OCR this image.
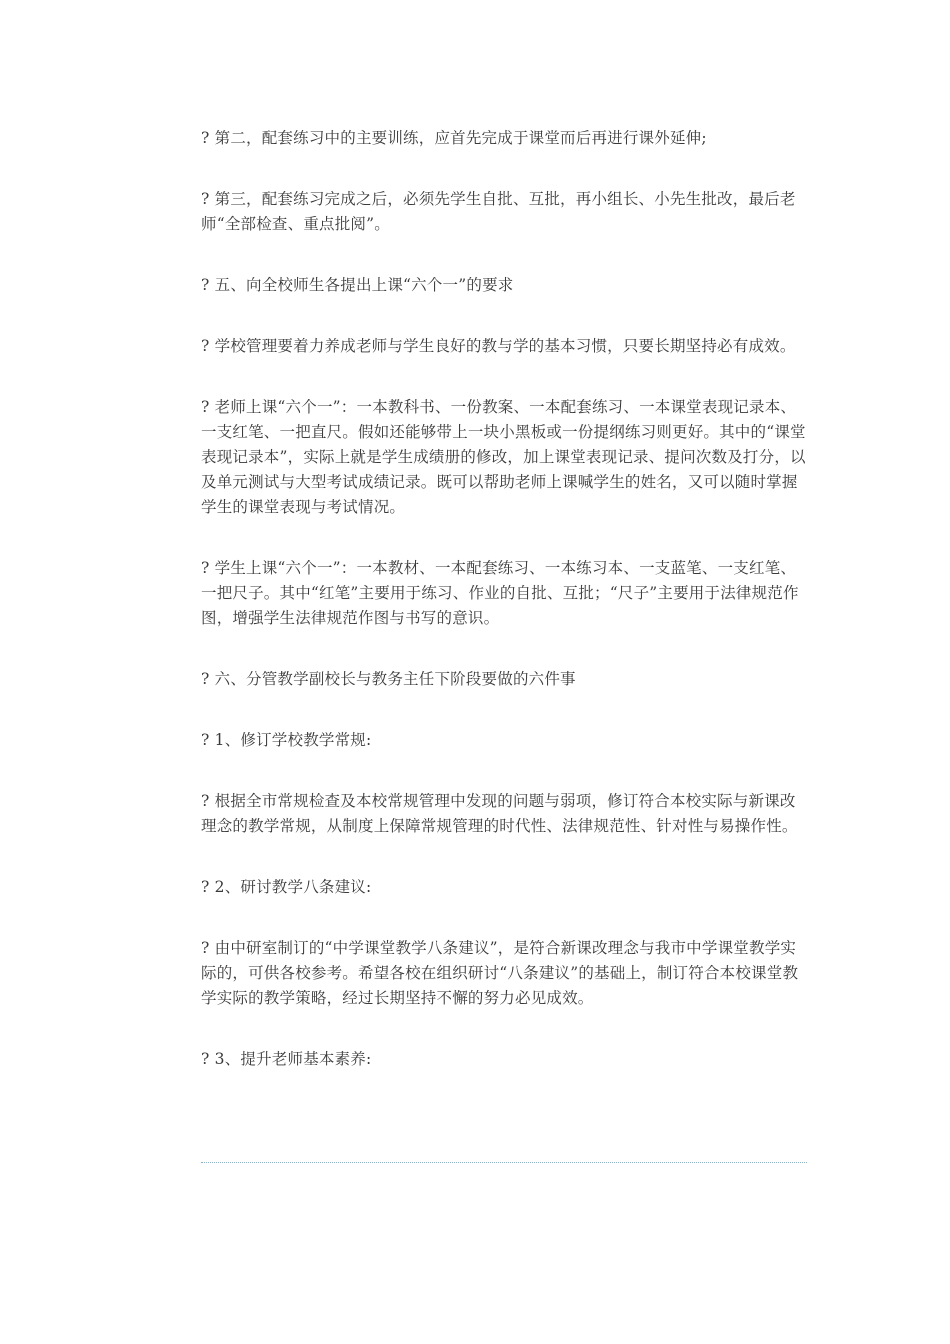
? 第二，配套练习中的主要训练，应首先完成于课堂而后再进行课外延伸;

? 第三，配套练习完成之后，必须先学生自批、互批，再小组长、小先生批改，最后老师“全部检查、重点批阅”。

? 五、向全校师生各提出上课“六个一”的要求

? 学校管理要着力养成老师与学生良好的教与学的基本习惯，只要长期坚持必有成效。

? 老师上课“六个一”：一本教科书、一份教案、一本配套练习、一本课堂表现记录本、一支红笔、一把直尺。假如还能够带上一块小黑板或一份提纲练习则更好。其中的“课堂表现记录本”，实际上就是学生成绩册的修改，加上课堂表现记录、提问次数及打分，以及单元测试与大型考试成绩记录。既可以帮助老师上课喊学生的姓名，又可以随时掌握学生的课堂表现与考试情况。

? 学生上课“六个一”：一本教材、一本配套练习、一本练习本、一支蓝笔、一支红笔、一把尺子。其中“红笔”主要用于练习、作业的自批、互批；“尺子”主要用于法律规范作图，增强学生法律规范作图与书写的意识。

? 六、分管教学副校长与教务主任下阶段要做的六件事

? 1、修订学校教学常规:

? 根据全市常规检查及本校常规管理中发现的问题与弱项，修订符合本校实际与新课改理念的教学常规，从制度上保障常规管理的时代性、法律规范性、针对性与易操作性。

? 2、研讨教学八条建议:

? 由中研室制订的“中学课堂教学八条建议”，是符合新课改理念与我市中学课堂教学实际的，可供各校参考。希望各校在组织研讨“八条建议”的基础上，制订符合本校课堂教学实际的教学策略，经过长期坚持不懈的努力必见成效。

? 3、提升老师基本素养:
